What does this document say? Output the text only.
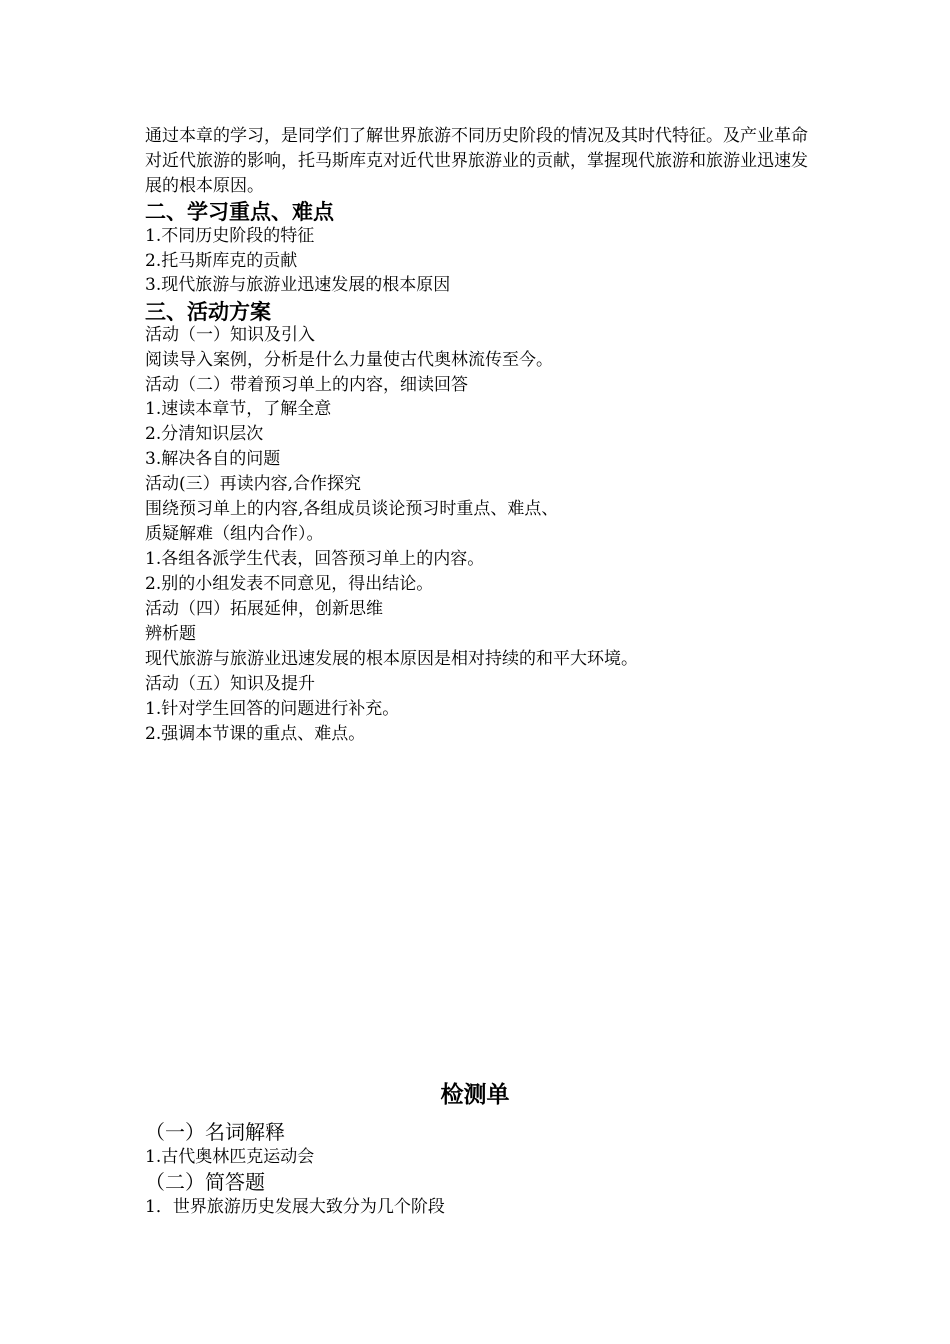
通过本章的学习，是同学们了解世界旅游不同历史阶段的情况及其时代特征。及产业革命对近代旅游的影响，托马斯库克对近代世界旅游业的贡献，掌握现代旅游和旅游业迅速发展的根本原因。
二、学习重点、难点
1.不同历史阶段的特征
2.托马斯库克的贡献
3.现代旅游与旅游业迅速发展的根本原因
三、活动方案
活动（一）知识及引入
阅读导入案例，分析是什么力量使古代奥林流传至今。
活动（二）带着预习单上的内容，细读回答
1.速读本章节，了解全意
2.分清知识层次
3.解决各自的问题
活动(三）再读内容,合作探究
围绕预习单上的内容,各组成员谈论预习时重点、难点、
质疑解难（组内合作）。
1.各组各派学生代表，回答预习单上的内容。
2.别的小组发表不同意见，得出结论。
活动（四）拓展延伸，创新思维
辨析题
现代旅游与旅游业迅速发展的根本原因是相对持续的和平大环境。
活动（五）知识及提升
1.针对学生回答的问题进行补充。
2.强调本节课的重点、难点。
检测单
（一）名词解释
1.古代奥林匹克运动会
（二）简答题
1．世界旅游历史发展大致分为几个阶段
